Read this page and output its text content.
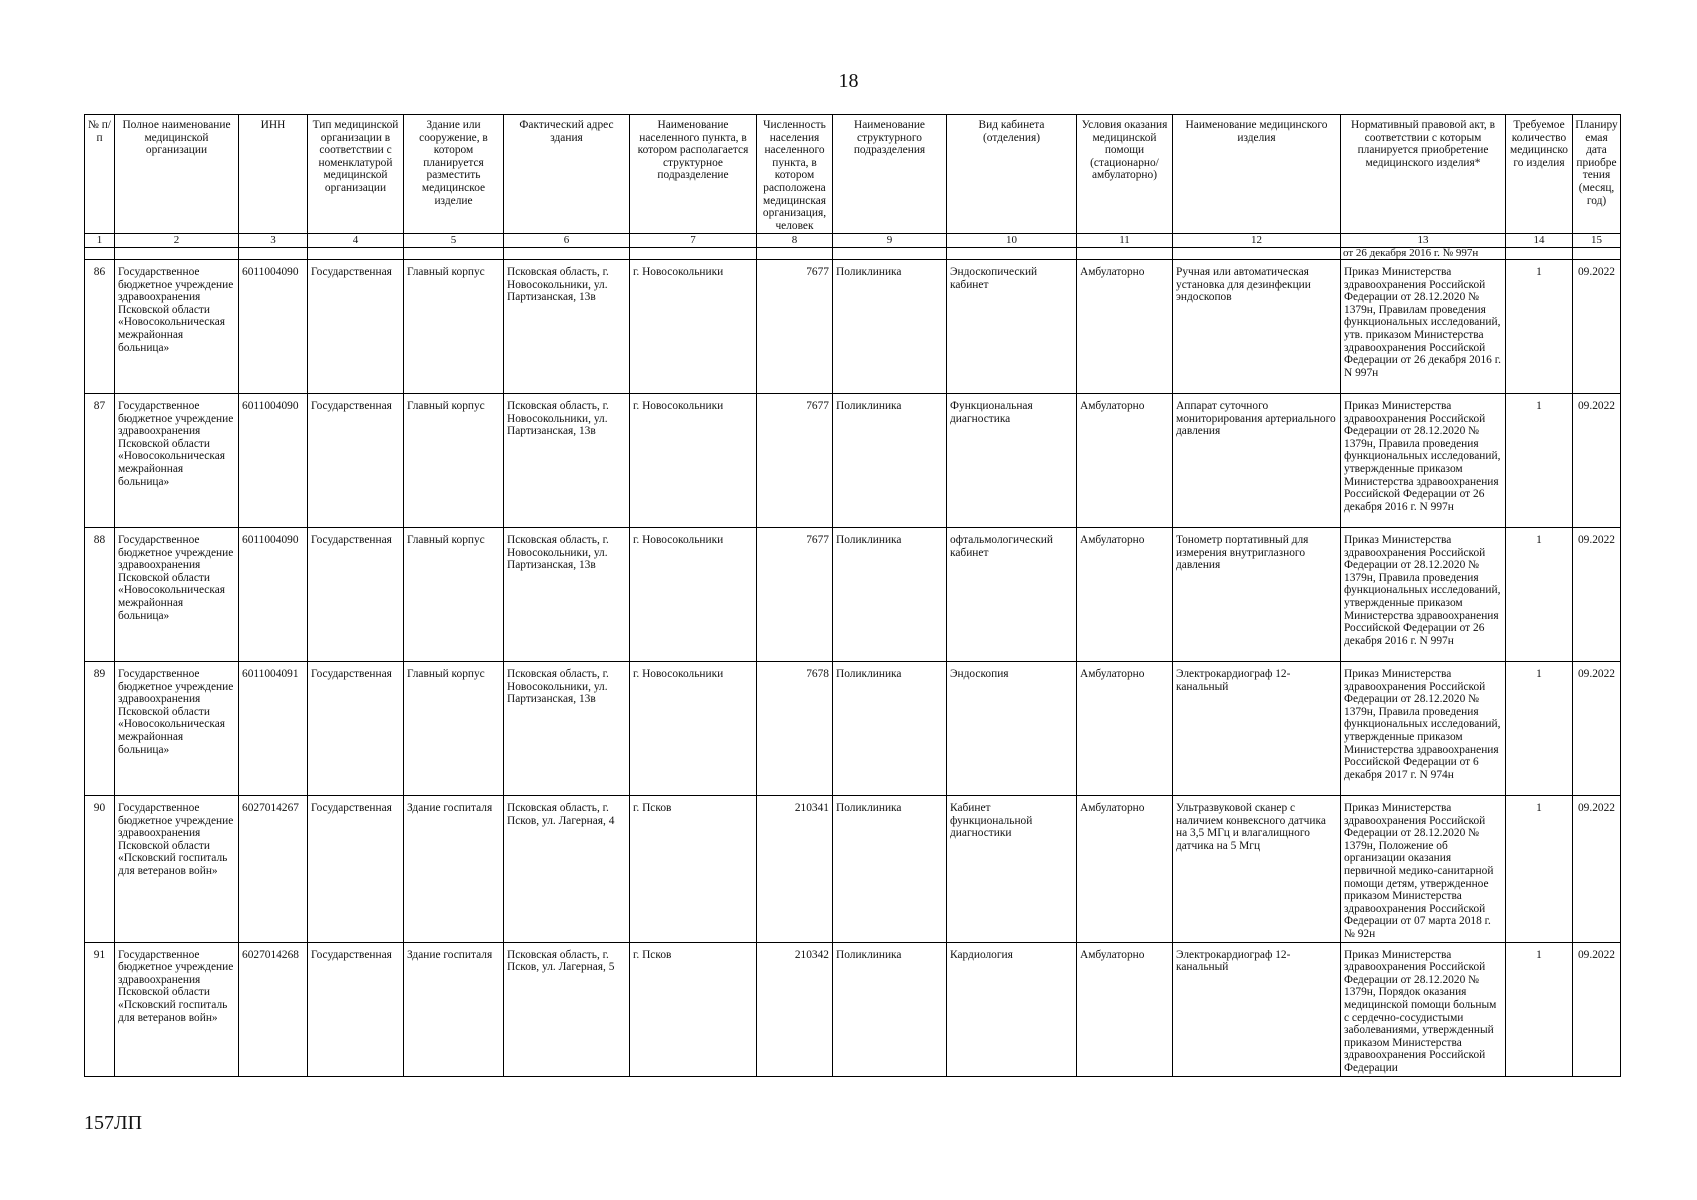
18
№ п/п	Полное наименование медицинской организации	ИНН	Тип медицинской организации в соответствии с номенклатурой медицинской организации	Здание или сооружение, в котором планируется разместить медицинское изделие	Фактический адрес здания	Наименование населенного пункта, в котором располагается структурное подразделение	Численность населения населенного пункта, в котором расположена медицинская организация, человек	Наименование структурного подразделения	Вид кабинета (отделения)	Условия оказания медицинской помощи (стационарно/ амбулаторно)	Наименование медицинского изделия	Нормативный правовой акт, в соответствии с которым планируется приобретение медицинского изделия*	Требуемое количество медицинского изделия	Планируемая дата приобретения (месяц, год)
1	2	3	4	5	6	7	8	9	10	11	12	13	14	15
												от 26 декабря 2016 г. № 997н		
86	Государственное бюджетное учреждение здравоохранения Псковской области «Новосокольническая межрайонная больница»	6011004090	Государственная	Главный корпус	Псковская область, г. Новосокольники, ул. Партизанская, 13в	г. Новосокольники	7677	Поликлиника	Эндоскопический кабинет	Амбулаторно	Ручная или автоматическая установка для дезинфекции эндоскопов	Приказ Министерства здравоохранения Российской Федерации от 28.12.2020 № 1379н, Правилам проведения функциональных исследований, утв. приказом Министерства здравоохранения Российской Федерации от 26 декабря 2016 г. N 997н	1	09.2022
87	Государственное бюджетное учреждение здравоохранения Псковской области «Новосокольническая межрайонная больница»	6011004090	Государственная	Главный корпус	Псковская область, г. Новосокольники, ул. Партизанская, 13в	г. Новосокольники	7677	Поликлиника	Функциональная диагностика	Амбулаторно	Аппарат суточного мониторирования артериального давления	Приказ Министерства здравоохранения Российской Федерации от 28.12.2020 № 1379н, Правила проведения функциональных исследований, утвержденные приказом Министерства здравоохранения Российской Федерации от 26 декабря 2016 г. N 997н	1	09.2022
88	Государственное бюджетное учреждение здравоохранения Псковской области «Новосокольническая межрайонная больница»	6011004090	Государственная	Главный корпус	Псковская область, г. Новосокольники, ул. Партизанская, 13в	г. Новосокольники	7677	Поликлиника	офтальмологический кабинет	Амбулаторно	Тонометр портативный для измерения внутриглазного давления	Приказ Министерства здравоохранения Российской Федерации от 28.12.2020 № 1379н, Правила проведения функциональных исследований, утвержденные приказом Министерства здравоохранения Российской Федерации от 26 декабря 2016 г. N 997н	1	09.2022
89	Государственное бюджетное учреждение здравоохранения Псковской области «Новосокольническая межрайонная больница»	6011004091	Государственная	Главный корпус	Псковская область, г. Новосокольники, ул. Партизанская, 13в	г. Новосокольники	7678	Поликлиника	Эндоскопия	Амбулаторно	Электрокардиограф 12-канальный	Приказ Министерства здравоохранения Российской Федерации от 28.12.2020 № 1379н, Правила проведения функциональных исследований, утвержденные приказом Министерства здравоохранения Российской Федерации от 6 декабря 2017 г. N 974н	1	09.2022
90	Государственное бюджетное учреждение здравоохранения Псковской области «Псковский госпиталь для ветеранов войн»	6027014267	Государственная	Здание госпиталя	Псковская область, г. Псков, ул. Лагерная, 4	г. Псков	210341	Поликлиника	Кабинет функциональной диагностики	Амбулаторно	Ультразвуковой сканер с наличием конвексного датчика на 3,5 МГц и влагалищного датчика на 5 Мгц	Приказ Министерства здравоохранения Российской Федерации от 28.12.2020 № 1379н, Положение об организации оказания первичной медико-санитарной помощи детям, утвержденное приказом Министерства здравоохранения Российской Федерации от 07 марта 2018 г. № 92н	1	09.2022
91	Государственное бюджетное учреждение здравоохранения Псковской области «Псковский госпиталь для ветеранов войн»	6027014268	Государственная	Здание госпиталя	Псковская область, г. Псков, ул. Лагерная, 5	г. Псков	210342	Поликлиника	Кардиология	Амбулаторно	Электрокардиограф 12-канальный	Приказ Министерства здравоохранения Российской Федерации от 28.12.2020 № 1379н, Порядок оказания медицинской помощи больным с сердечно-сосудистыми заболеваниями, утвержденный приказом Министерства здравоохранения Российской Федерации	1	09.2022
157ЛП
